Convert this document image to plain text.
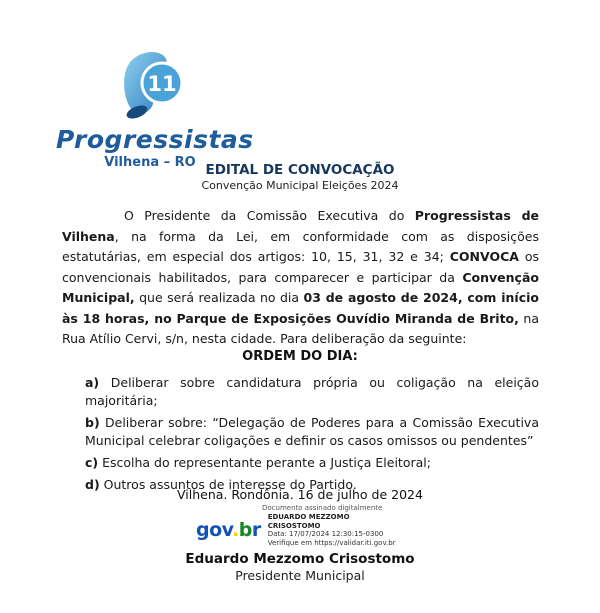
11
Progressistas
Vilhena – RO EDITAL DE CONVOCAÇÃO
Convenção Municipal Eleições 2024

O Presidente da Comissão Executiva do Progressistas de Vilhena, na forma da Lei, em conformidade com as disposições estatutárias, em especial dos artigos: 10, 15, 31, 32 e 34; CONVOCA os convencionais habilitados, para comparecer e participar da Convenção Municipal, que será realizada no dia 03 de agosto de 2024, com início às 18 horas, no Parque de Exposições Ouvídio Miranda de Brito, na Rua Atílio Cervi, s/n, nesta cidade. Para deliberação da seguinte:

ORDEM DO DIA:

a) Deliberar sobre candidatura própria ou coligação na eleição majoritária;

b) Deliberar sobre: “Delegação de Poderes para a Comissão Executiva Municipal celebrar coligações e definir os casos omissos ou pendentes”

c) Escolha do representante perante a Justiça Eleitoral;

d) Outros assuntos de interesse do Partido.

Vilhena. Rondônia. 16 de julho de 2024
Documento assinado digitalmente
gov.br
EDUARDO MEZZOMO CRISOSTOMO
Data: 17/07/2024 12:30:15-0300
Verifique em https://validar.iti.gov.br
Eduardo Mezzomo Crisostomo
Presidente Municipal
